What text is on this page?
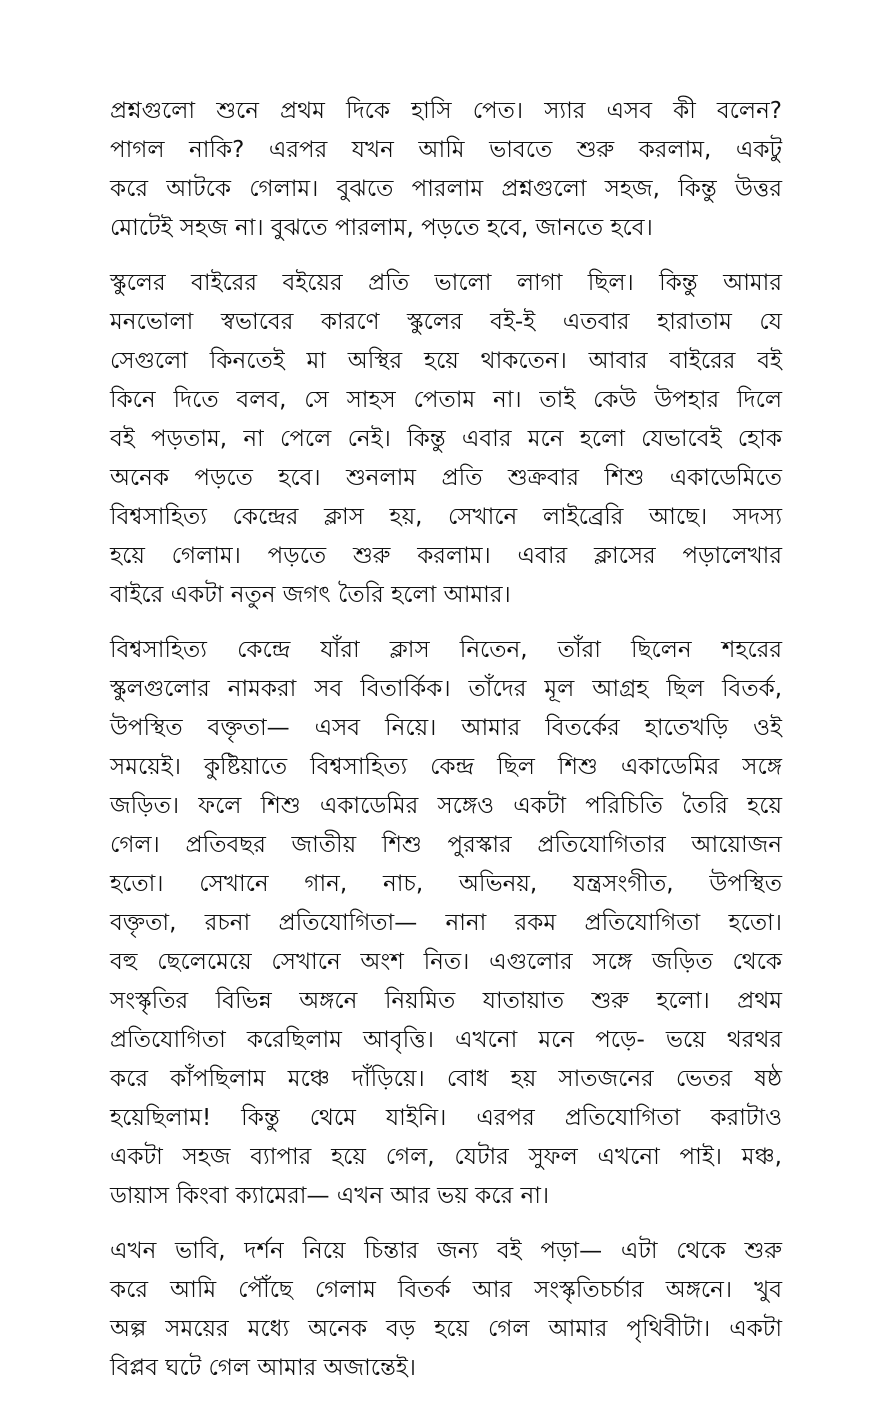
প্রশ্নগুলো শুনে প্রথম দিকে হাসি পেত। স্যার এসব কী বলেন?
পাগল নাকি? এরপর যখন আমি ভাবতে শুরু করলাম, একটু
করে আটকে গেলাম। বুঝতে পারলাম প্রশ্নগুলো সহজ, কিন্তু উত্তর
মোটেই সহজ না। বুঝতে পারলাম, পড়তে হবে, জানতে হবে।

স্কুলের বাইরের বইয়ের প্রতি ভালো লাগা ছিল। কিন্তু আমার
মনভোলা স্বভাবের কারণে স্কুলের বই-ই এতবার হারাতাম যে
সেগুলো কিনতেই মা অস্থির হয়ে থাকতেন। আবার বাইরের বই
কিনে দিতে বলব, সে সাহস পেতাম না। তাই কেউ উপহার দিলে
বই পড়তাম, না পেলে নেই। কিন্তু এবার মনে হলো যেভাবেই হোক
অনেক পড়তে হবে। শুনলাম প্রতি শুক্রবার শিশু একাডেমিতে
বিশ্বসাহিত্য কেন্দ্রের ক্লাস হয়, সেখানে লাইব্রেরি আছে। সদস্য
হয়ে গেলাম। পড়তে শুরু করলাম। এবার ক্লাসের পড়ালেখার
বাইরে একটা নতুন জগৎ তৈরি হলো আমার।

বিশ্বসাহিত্য কেন্দ্রে যাঁরা ক্লাস নিতেন, তাঁরা ছিলেন শহরের
স্কুলগুলোর নামকরা সব বিতার্কিক। তাঁদের মূল আগ্রহ ছিল বিতর্ক,
উপস্থিত বক্তৃতা— এসব নিয়ে। আমার বিতর্কের হাতেখড়ি ওই
সময়েই। কুষ্টিয়াতে বিশ্বসাহিত্য কেন্দ্র ছিল শিশু একাডেমির সঙ্গে
জড়িত। ফলে শিশু একাডেমির সঙ্গেও একটা পরিচিতি তৈরি হয়ে
গেল। প্রতিবছর জাতীয় শিশু পুরস্কার প্রতিযোগিতার আয়োজন
হতো। সেখানে গান, নাচ, অভিনয়, যন্ত্রসংগীত, উপস্থিত
বক্তৃতা, রচনা প্রতিযোগিতা— নানা রকম প্রতিযোগিতা হতো।
বহু ছেলেমেয়ে সেখানে অংশ নিত। এগুলোর সঙ্গে জড়িত থেকে
সংস্কৃতির বিভিন্ন অঙ্গনে নিয়মিত যাতায়াত শুরু হলো। প্রথম
প্রতিযোগিতা করেছিলাম আবৃত্তি। এখনো মনে পড়ে- ভয়ে থরথর
করে কাঁপছিলাম মঞ্চে দাঁড়িয়ে। বোধ হয় সাতজনের ভেতর ষষ্ঠ
হয়েছিলাম! কিন্তু থেমে যাইনি। এরপর প্রতিযোগিতা করাটাও
একটা সহজ ব্যাপার হয়ে গেল, যেটার সুফল এখনো পাই। মঞ্চ,
ডায়াস কিংবা ক্যামেরা— এখন আর ভয় করে না।

এখন ভাবি, দর্শন নিয়ে চিন্তার জন্য বই পড়া— এটা থেকে শুরু
করে আমি পৌঁছে গেলাম বিতর্ক আর সংস্কৃতিচর্চার অঙ্গনে। খুব
অল্প সময়ের মধ্যে অনেক বড় হয়ে গেল আমার পৃথিবীটা। একটা
বিপ্লব ঘটে গেল আমার অজান্তেই।
